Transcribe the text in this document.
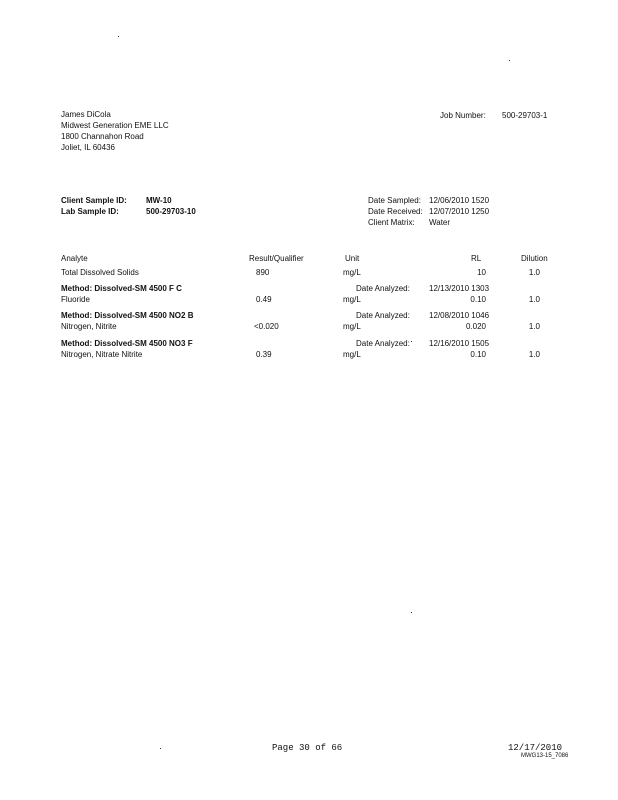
James DiCola
Midwest Generation EME LLC
1800 Channahon Road
Joliet, IL 60436
Job Number: 500-29703-1
Client Sample ID: MW-10
Lab Sample ID:	500-29703-10
Date Sampled: 12/06/2010 1520
Date Received: 12/07/2010 1250
Client Matrix: Water
Analyte	Result/Qualifier	Unit	RL	Dilution
Total Dissolved Solids	890	mg/L	10	1.0
Method: Dissolved-SM 4500 F C	Date Analyzed: 12/13/2010 1303
Fluoride	0.49	mg/L	0.10	1.0
Method: Dissolved-SM 4500 NO2 B	Date Analyzed: 12/08/2010 1046
Nitrogen, Nitrite	<0.020	mg/L	0.020	1.0
Method: Dissolved-SM 4500 NO3 F	Date Analyzed: 12/16/2010 1505
Nitrogen, Nitrate Nitrite	0.39	mg/L	0.10	1.0
Page 30 of 66	12/17/2010
MWG13-15_7086
